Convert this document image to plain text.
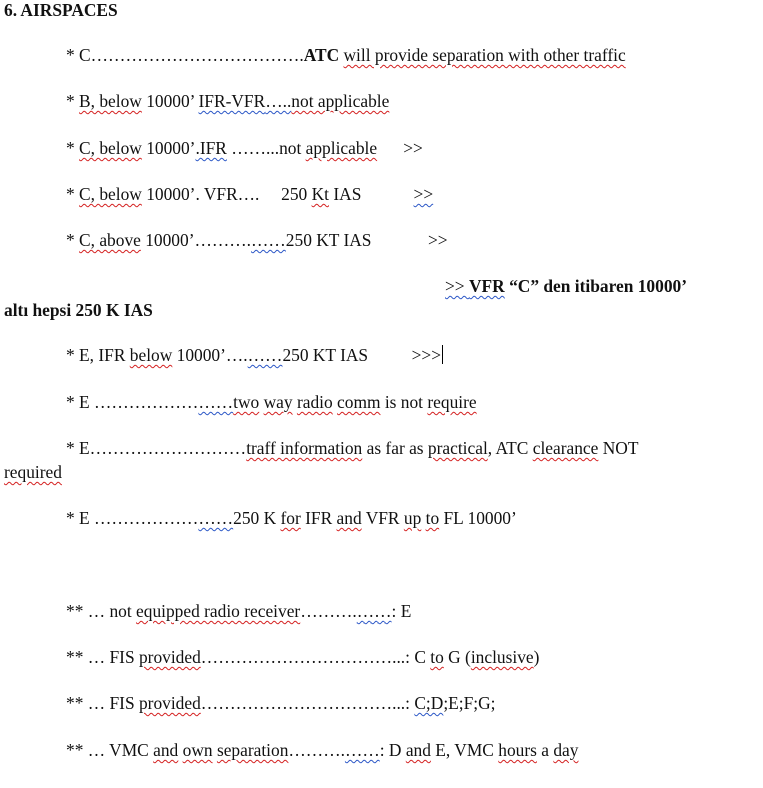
6. AIRSPACES
* C……………………………….ATC will provide separation with other traffic
* B, below 10000’ IFR-VFR…..not applicable
* C, below 10000’.IFR ……...not applicable      >>
* C, below 10000’. VFR….     250 Kt IAS            >>
* C, above 10000’……….……250 KT IAS             >>
>> VFR “C” den itibaren 10000’
altı hepsi 250 K IAS
* E, IFR below 10000’….……250 KT IAS          >>>
* E ……………………two way radio comm is not require
* E………………………traff information as far as practical, ATC clearance NOT
required
* E ……………………250 K for IFR and VFR up to FL 10000’
** … not equipped radio receiver……….……: E
** … FIS provided……………………………...: C to G (inclusive)
** … FIS provided……………………………...: C;D;E;F;G;
** … VMC and own separation……….……: D and E, VMC hours a day
